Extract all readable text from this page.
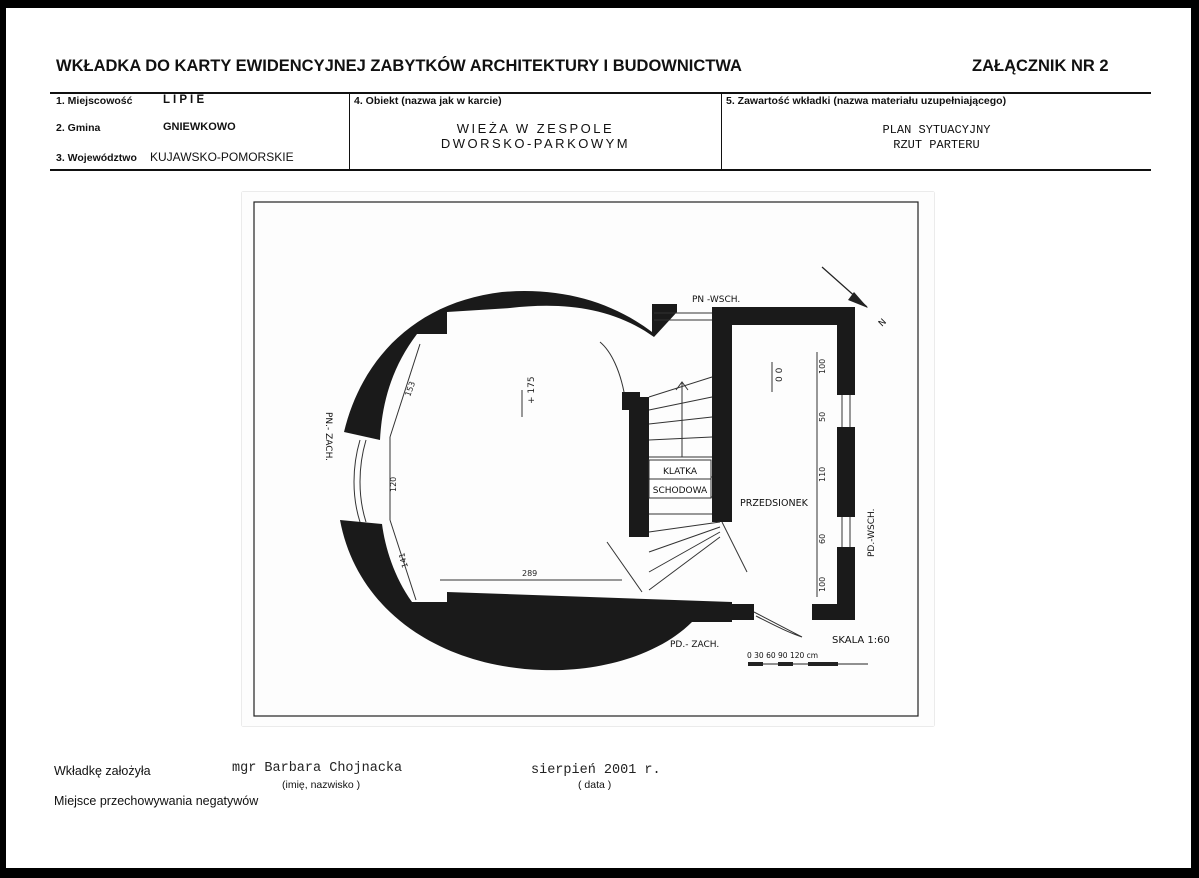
WKŁADKA DO KARTY EWIDENCYJNEJ ZABYTKÓW ARCHITEKTURY I BUDOWNICTWA	ZAŁĄCZNIK NR 2
1. Miejscowość	L I P I E
2. Gmina	GNIEWKOWO
3. Województwo KUJAWSKO-POMORSKIE
4. Obiekt (nazwa jak w karcie)
WIEŻA W ZESPOLE
DWORSKO-PARKOWYM
5. Zawartość wkładki (nazwa materiału uzupełniającego)
PLAN SYTUACYJNY
RZUT PARTERU
153
120
141
289
100
50
110
60
100
+ 175
0 0
KLATKA
SCHODOWA
PRZEDSIONEK
PN.- ZACH.
PN -WSCH.
PD.-WSCH.
PD.- ZACH.
N
SKALA 1:60
0 30 60 90 120 cm
Wkładkę założyła	mgr Barbara Chojnacka
(imię, nazwisko )
sierpień 2001 r.
( data )
Miejsce przechowywania negatywów
